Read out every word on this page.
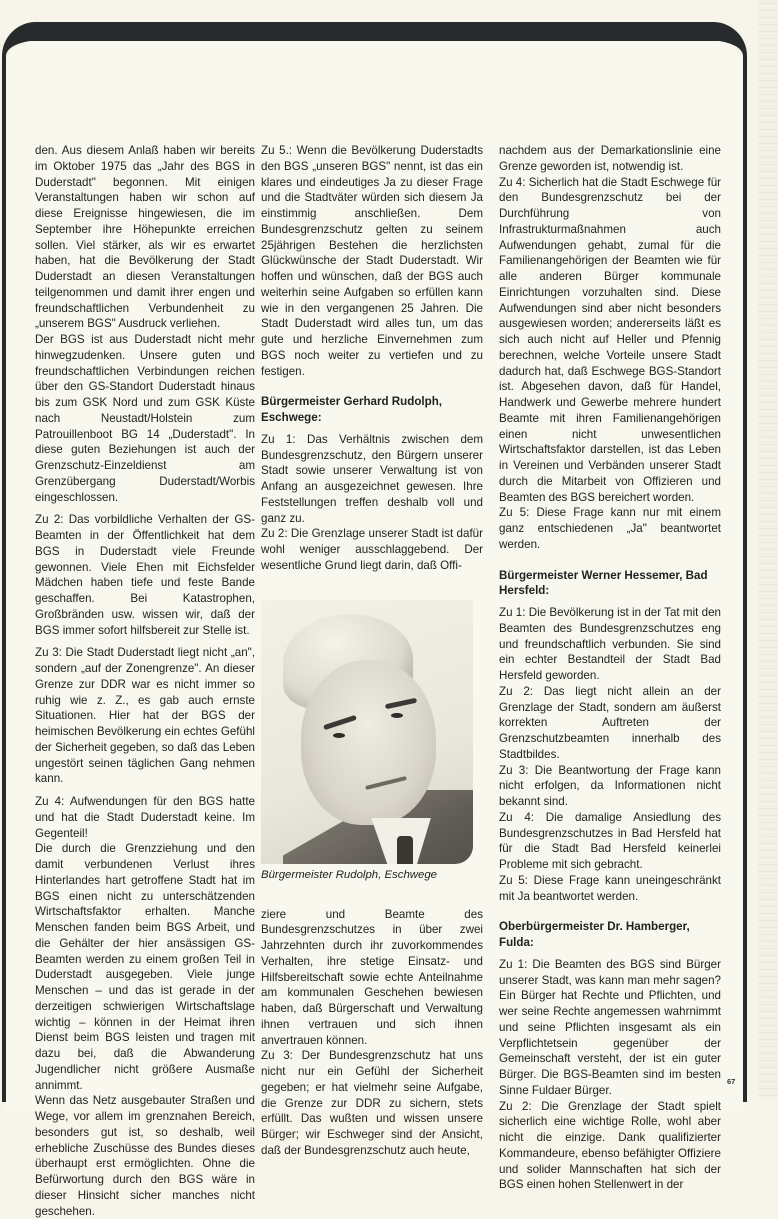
den. Aus diesem Anlaß haben wir bereits im Oktober 1975 das „Jahr des BGS in Duderstadt" begonnen. Mit einigen Veranstaltungen haben wir schon auf diese Ereignisse hingewiesen, die im September ihre Höhepunkte erreichen sollen. Viel stärker, als wir es erwartet haben, hat die Bevölkerung der Stadt Duderstadt an diesen Veranstaltungen teilgenommen und damit ihrer engen und freundschaftlichen Verbundenheit zu „unserem BGS" Ausdruck verliehen.

Der BGS ist aus Duderstadt nicht mehr hinwegzudenken. Unsere guten und freundschaftlichen Verbindungen reichen über den GS-Standort Duderstadt hinaus bis zum GSK Nord und zum GSK Küste nach Neustadt/Holstein zum Patrouillenboot BG 14 „Duderstadt". In diese guten Beziehungen ist auch der Grenzschutz-Einzeldienst am Grenzübergang Duderstadt/Worbis eingeschlossen.

Zu 2: Das vorbildliche Verhalten der GS-Beamten in der Öffentlichkeit hat dem BGS in Duderstadt viele Freunde gewonnen. Viele Ehen mit Eichsfelder Mädchen haben tiefe und feste Bande geschaffen. Bei Katastrophen, Großbränden usw. wissen wir, daß der BGS immer sofort hilfsbereit zur Stelle ist.

Zu 3: Die Stadt Duderstadt liegt nicht „an", sondern „auf der Zonengrenze". An dieser Grenze zur DDR war es nicht immer so ruhig wie z. Z., es gab auch ernste Situationen. Hier hat der BGS der heimischen Bevölkerung ein echtes Gefühl der Sicherheit gegeben, so daß das Leben ungestört seinen täglichen Gang nehmen kann.

Zu 4: Aufwendungen für den BGS hatte und hat die Stadt Duderstadt keine. Im Gegenteil!

Die durch die Grenzziehung und den damit verbundenen Verlust ihres Hinterlandes hart getroffene Stadt hat im BGS einen nicht zu unterschätzenden Wirtschaftsfaktor erhalten. Manche Menschen fanden beim BGS Arbeit, und die Gehälter der hier ansässigen GS-Beamten werden zu einem großen Teil in Duderstadt ausgegeben. Viele junge Menschen – und das ist gerade in der derzeitigen schwierigen Wirtschaftslage wichtig – können in der Heimat ihren Dienst beim BGS leisten und tragen mit dazu bei, daß die Abwanderung Jugendlicher nicht größere Ausmaße annimmt.

Wenn das Netz ausgebauter Straßen und Wege, vor allem im grenznahen Bereich, besonders gut ist, so deshalb, weil erhebliche Zuschüsse des Bundes dieses überhaupt erst ermöglichten. Ohne die Befürwortung durch den BGS wäre in dieser Hinsicht sicher manches nicht geschehen.

Zu 5.: Wenn die Bevölkerung Duderstadts den BGS „unseren BGS" nennt, ist das ein klares und eindeutiges Ja zu dieser Frage und die Stadtväter würden sich diesem Ja einstimmig anschließen. Dem Bundesgrenzschutz gelten zu seinem 25jährigen Bestehen die herzlichsten Glückwünsche der Stadt Duderstadt. Wir hoffen und wünschen, daß der BGS auch weiterhin seine Aufgaben so erfüllen kann wie in den vergangenen 25 Jahren. Die Stadt Duderstadt wird alles tun, um das gute und herzliche Einvernehmen zum BGS noch weiter zu vertiefen und zu festigen.

Bürgermeister Gerhard Rudolph, Eschwege:

Zu 1: Das Verhältnis zwischen dem Bundesgrenzschutz, den Bürgern unserer Stadt sowie unserer Verwaltung ist von Anfang an ausgezeichnet gewesen. Ihre Feststellungen treffen deshalb voll und ganz zu.

Zu 2: Die Grenzlage unserer Stadt ist dafür wohl weniger ausschlaggebend. Der wesentliche Grund liegt darin, daß Offi-

Bürgermeister Rudolph, Eschwege

ziere und Beamte des Bundesgrenzschutzes in über zwei Jahrzehnten durch ihr zuvorkommendes Verhalten, ihre stetige Einsatz- und Hilfsbereitschaft sowie echte Anteilnahme am kommunalen Geschehen bewiesen haben, daß Bürgerschaft und Verwaltung ihnen vertrauen und sich ihnen anvertrauen können.

Zu 3: Der Bundesgrenzschutz hat uns nicht nur ein Gefühl der Sicherheit gegeben; er hat vielmehr seine Aufgabe, die Grenze zur DDR zu sichern, stets erfüllt. Das wußten und wissen unsere Bürger; wir Eschweger sind der Ansicht, daß der Bundesgrenzschutz auch heute,

nachdem aus der Demarkationslinie eine Grenze geworden ist, notwendig ist.

Zu 4: Sicherlich hat die Stadt Eschwege für den Bundesgrenzschutz bei der Durchführung von Infrastrukturmaßnahmen auch Aufwendungen gehabt, zumal für die Familienangehörigen der Beamten wie für alle anderen Bürger kommunale Einrichtungen vorzuhalten sind. Diese Aufwendungen sind aber nicht besonders ausgewiesen worden; andererseits läßt es sich auch nicht auf Heller und Pfennig berechnen, welche Vorteile unsere Stadt dadurch hat, daß Eschwege BGS-Standort ist. Abgesehen davon, daß für Handel, Handwerk und Gewerbe mehrere hundert Beamte mit ihren Familienangehörigen einen nicht unwesentlichen Wirtschaftsfaktor darstellen, ist das Leben in Vereinen und Verbänden unserer Stadt durch die Mitarbeit von Offizieren und Beamten des BGS bereichert worden.

Zu 5: Diese Frage kann nur mit einem ganz entschiedenen „Ja" beantwortet werden.

Bürgermeister Werner Hessemer, Bad Hersfeld:

Zu 1: Die Bevölkerung ist in der Tat mit den Beamten des Bundesgrenzschutzes eng und freundschaftlich verbunden. Sie sind ein echter Bestandteil der Stadt Bad Hersfeld geworden.

Zu 2: Das liegt nicht allein an der Grenzlage der Stadt, sondern am äußerst korrekten Auftreten der Grenzschutzbeamten innerhalb des Stadtbildes.

Zu 3: Die Beantwortung der Frage kann nicht erfolgen, da Informationen nicht bekannt sind.

Zu 4: Die damalige Ansiedlung des Bundesgrenzschutzes in Bad Hersfeld hat für die Stadt Bad Hersfeld keinerlei Probleme mit sich gebracht.

Zu 5: Diese Frage kann uneingeschränkt mit Ja beantwortet werden.

Oberbürgermeister Dr. Hamberger, Fulda:

Zu 1: Die Beamten des BGS sind Bürger unserer Stadt, was kann man mehr sagen? Ein Bürger hat Rechte und Pflichten, und wer seine Rechte angemessen wahrnimmt und seine Pflichten insgesamt als ein Verpflichtetsein gegenüber der Gemeinschaft versteht, der ist ein guter Bürger. Die BGS-Beamten sind im besten Sinne Fuldaer Bürger.

Zu 2: Die Grenzlage der Stadt spielt sicherlich eine wichtige Rolle, wohl aber nicht die einzige. Dank qualifizierter Kommandeure, ebenso befähigter Offiziere und solider Mannschaften hat sich der BGS einen hohen Stellenwert in der

67
